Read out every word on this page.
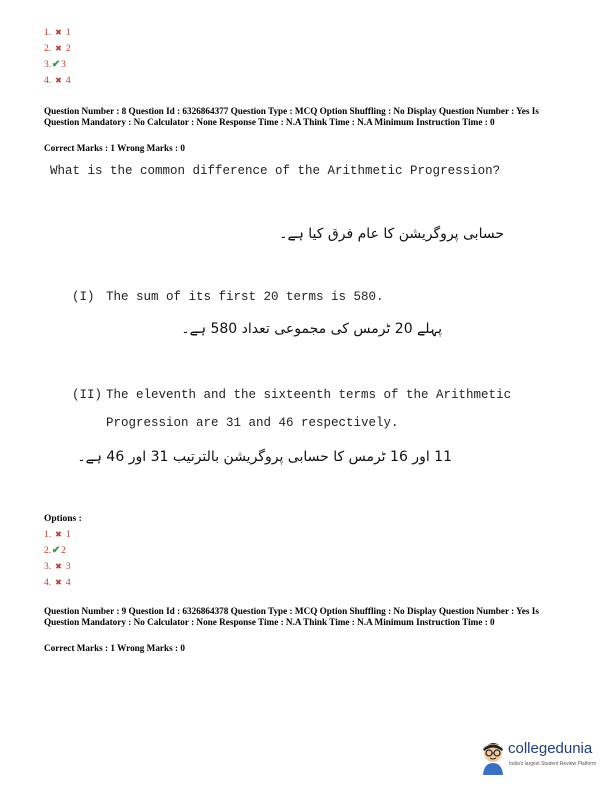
1. ✖ 1
2. ✖ 2
3.✔3
4. ✖ 4
Question Number : 8 Question Id : 6326864377 Question Type : MCQ Option Shuffling : No Display Question Number : Yes Is Question Mandatory : No Calculator : None Response Time : N.A Think Time : N.A Minimum Instruction Time : 0
Correct Marks : 1 Wrong Marks : 0
What is the common difference of the Arithmetic Progression?
حسابی پروگریشن کا عام فرق کیا ہے۔
(I) The sum of its first 20 terms is 580.
پہلے 20 ٹرمس کی مجموعی تعداد 580 ہے۔
(II) The eleventh and the sixteenth terms of the Arithmetic
Progression are 31 and 46 respectively.
11 اور 16 ٹرمس کا حسابی پروگریشن بالترتیب 31 اور 46 ہے۔
Options :
1. ✖ 1
2.✔2
3. ✖ 3
4. ✖ 4
Question Number : 9 Question Id : 6326864378 Question Type : MCQ Option Shuffling : No Display Question Number : Yes Is Question Mandatory : No Calculator : None Response Time : N.A Think Time : N.A Minimum Instruction Time : 0
Correct Marks : 1 Wrong Marks : 0
collegedunia
India's largest Student Review Platform
